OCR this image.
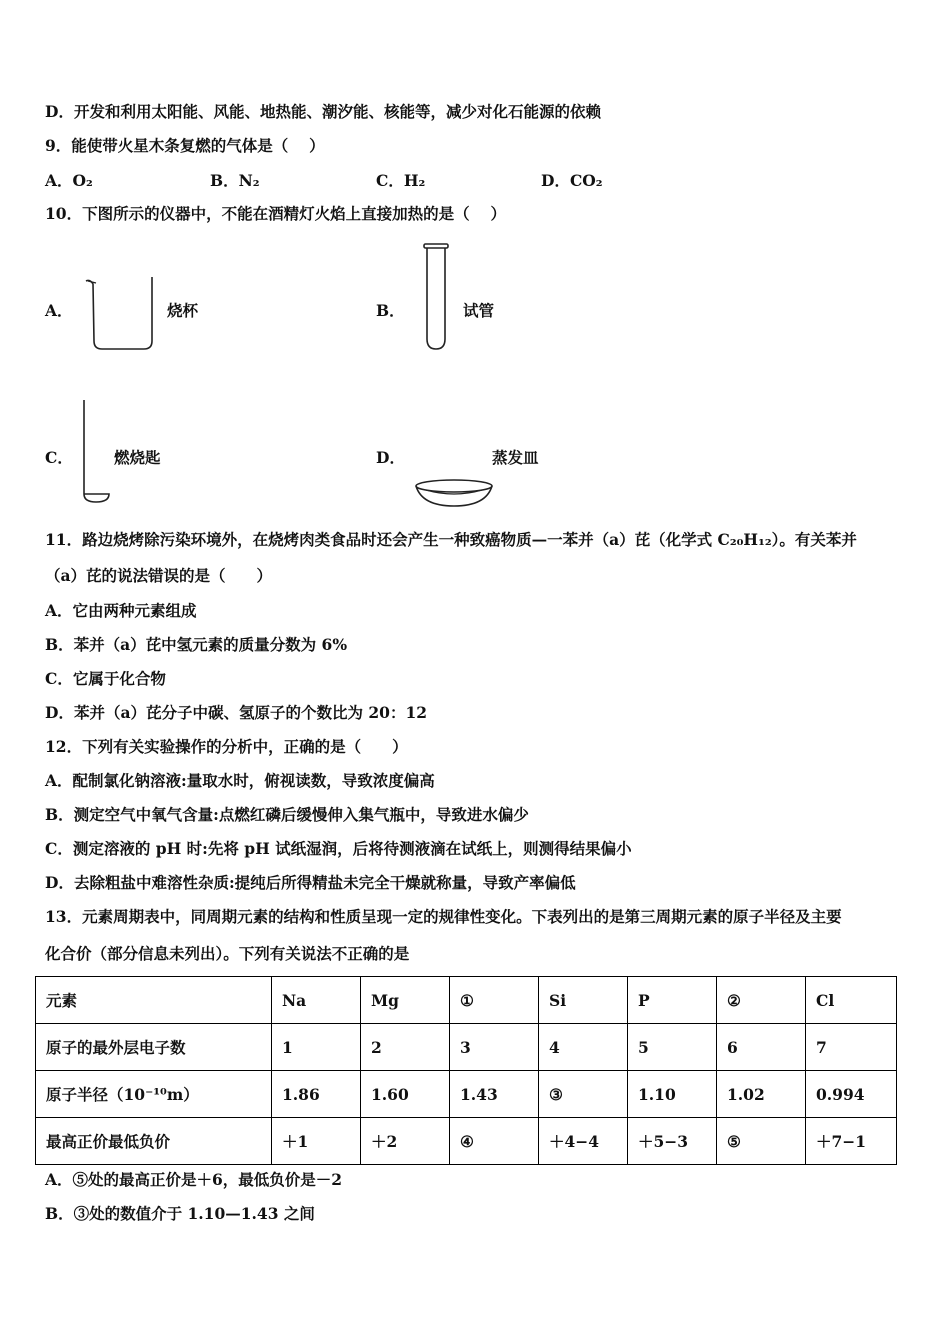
D．开发和利用太阳能、风能、地热能、潮汐能、核能等，减少对化石能源的依赖
9．能使带火星木条复燃的气体是（　 ）
A．O₂	B．N₂	C．H₂	D．CO₂
10．下图所示的仪器中，不能在酒精灯火焰上直接加热的是（　 ）
A．	烧杯	B．	试管
C．	燃烧匙	D．	蒸发皿
11．路边烧烤除污染环境外，在烧烤肉类食品时还会产生一种致癌物质—一苯并（a）芘（化学式 C₂₀H₁₂）。有关苯并
（a）芘的说法错误的是（　　）
A．它由两种元素组成
B．苯并（a）芘中氢元素的质量分数为 6%
C．它属于化合物
D．苯并（a）芘分子中碳、氢原子的个数比为 20：12
12．下列有关实验操作的分析中，正确的是（　　）
A．配制氯化钠溶液:量取水时，俯视读数，导致浓度偏高
B．测定空气中氧气含量:点燃红磷后缓慢伸入集气瓶中，导致进水偏少
C．测定溶液的 pH 时:先将 pH 试纸湿润，后将待测液滴在试纸上，则测得结果偏小
D．去除粗盐中难溶性杂质:提纯后所得精盐未完全干燥就称量，导致产率偏低
13．元素周期表中，同周期元素的结构和性质呈现一定的规律性变化。下表列出的是第三周期元素的原子半径及主要
化合价（部分信息未列出）。下列有关说法不正确的是
元素	Na	Mg	①	Si	P	②	Cl
原子的最外层电子数	1	2	3	4	5	6	7
原子半径（10⁻¹⁰m）	1.86	1.60	1.43	③	1.10	1.02	0.994
最高正价最低负价	＋1	＋2	④	＋4−4	＋5−3	⑤	＋7−1
A．⑤处的最高正价是＋6，最低负价是－2
B．③处的数值介于 1.10—1.43 之间
